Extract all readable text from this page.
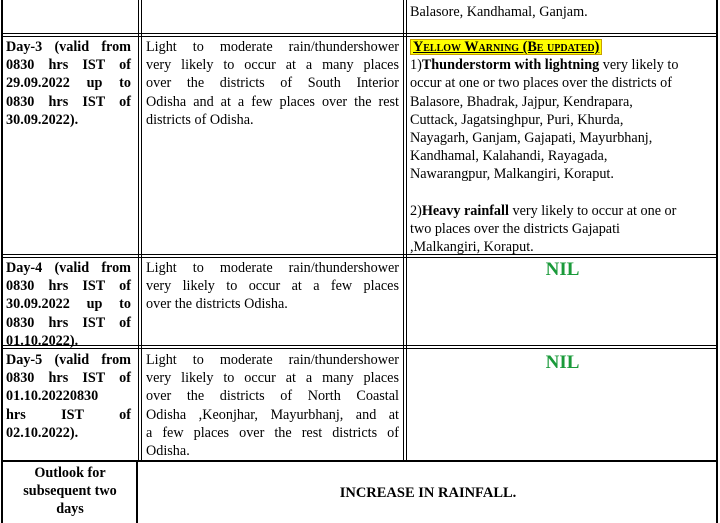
Balasore, Kandhamal, Ganjam.
Day-3 (valid from
0830 hrs IST of
29.09.2022 up to
0830 hrs IST of
30.09.2022).
Light to moderate rain/thundershower
very likely to occur at a many places
over the districts of South Interior
Odisha and at a few places over the rest
districts of Odisha.
Yellow Warning (Be updated)
1)Thunderstorm with lightning very likely to
occur at one or two places over the districts of
Balasore, Bhadrak, Jajpur, Kendrapara,
Cuttack, Jagatsinghpur, Puri, Khurda,
Nayagarh, Ganjam, Gajapati, Mayurbhanj,
Kandhamal, Kalahandi, Rayagada,
Nawarangpur, Malkangiri, Koraput.
2)Heavy rainfall very likely to occur at one or
two places over the districts Gajapati
,Malkangiri, Koraput.
Day-4 (valid from
0830 hrs IST of
30.09.2022 up to
0830 hrs IST of
01.10.2022).
Light to moderate rain/thundershower
very likely to occur at a few places
over the districts Odisha.
NIL
Day-5 (valid from
0830 hrs IST of
01.10.20220830
hrs IST of
02.10.2022).
Light to moderate rain/thundershower
very likely to occur at a many places
over the districts of North Coastal
Odisha ,Keonjhar, Mayurbhanj, and at
a few places over the rest districts of
Odisha.
NIL
Outlook for
subsequent two
days
INCREASE IN RAINFALL.
